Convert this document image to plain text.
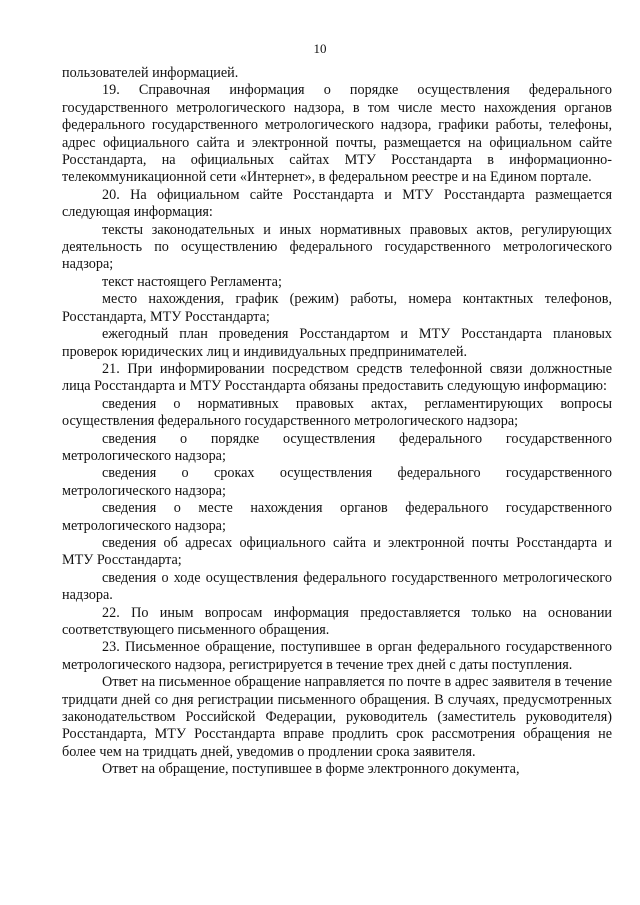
10

пользователей информацией.

19. Справочная информация о порядке осуществления федерального государственного метрологического надзора, в том числе место нахождения органов федерального государственного метрологического надзора, графики работы, телефоны, адрес официального сайта и электронной почты, размещается на официальном сайте Росстандарта, на официальных сайтах МТУ Росстандарта в информационно-телекоммуникационной сети «Интернет», в федеральном реестре и на Едином портале.

20. На официальном сайте Росстандарта и МТУ Росстандарта размещается следующая информация:

тексты законодательных и иных нормативных правовых актов, регулирующих деятельность по осуществлению федерального государственного метрологического надзора;

текст настоящего Регламента;

место нахождения, график (режим) работы, номера контактных телефонов, Росстандарта, МТУ Росстандарта;

ежегодный план проведения Росстандартом и МТУ Росстандарта плановых проверок юридических лиц и индивидуальных предпринимателей.

21. При информировании посредством средств телефонной связи должностные лица Росстандарта и МТУ Росстандарта обязаны предоставить следующую информацию:

сведения о нормативных правовых актах, регламентирующих вопросы осуществления федерального государственного метрологического надзора;

сведения о порядке осуществления федерального государственного метрологического надзора;

сведения о сроках осуществления федерального государственного метрологического надзора;

сведения о месте нахождения органов федерального государственного метрологического надзора;

сведения об адресах официального сайта и электронной почты Росстандарта и МТУ Росстандарта;

сведения о ходе осуществления федерального государственного метрологического надзора.

22. По иным вопросам информация предоставляется только на основании соответствующего письменного обращения.

23. Письменное обращение, поступившее в орган федерального государственного метрологического надзора, регистрируется в течение трех дней с даты поступления.

Ответ на письменное обращение направляется по почте в адрес заявителя в течение тридцати дней со дня регистрации письменного обращения. В случаях, предусмотренных законодательством Российской Федерации, руководитель (заместитель руководителя) Росстандарта, МТУ Росстандарта вправе продлить срок рассмотрения обращения не более чем на тридцать дней, уведомив о продлении срока заявителя.

Ответ на обращение, поступившее в форме электронного документа,
